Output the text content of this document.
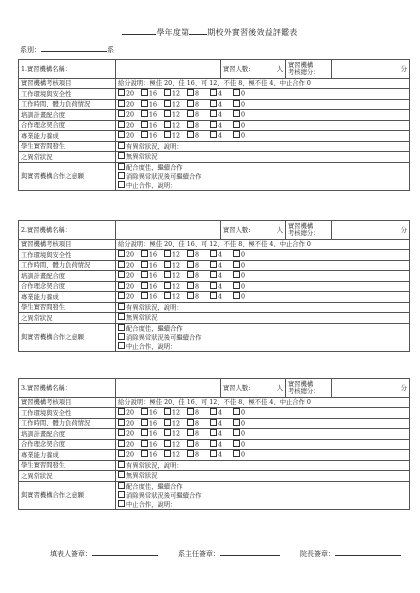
學年度第 期校外實習後效益評鑑表
系別：	系
1.實習機構名稱：		實習人數: 人	實習機構
考核總分：	分
實習機構考核項目	給分說明：極佳 20、佳 16、可 12、不佳 8、極不佳 4、中止合作 0			
工作環境與安全性	20 16 12 8 4 0			
工作時間、體力負荷情況	20 16 12 8 4 0			
培訓計畫配合度	20 16 12 8 4 0			
合作理念契合度	20 16 12 8 4 0			
專業能力養成	20 16 12 8 4 0			
學生實習間發生	有異常狀況，說明：			
之異常狀況	無異常狀況			
與實習機構合作之意願	配合度佳，繼續合作
消除異常狀況後可繼續合作
中止合作，說明：			
2.實習機構名稱：		實習人數: 人	實習機構
考核總分：	分
實習機構考核項目	給分說明：極佳 20、佳 16、可 12、不佳 8、極不佳 4、中止合作 0			
工作環境與安全性	20 16 12 8 4 0			
工作時間、體力負荷情況	20 16 12 8 4 0			
培訓計畫配合度	20 16 12 8 4 0			
合作理念契合度	20 16 12 8 4 0			
專業能力養成	20 16 12 8 4 0			
學生實習間發生	有異常狀況，說明：			
之異常狀況	無異常狀況			
與實習機構合作之意願	配合度佳，繼續合作
消除異常狀況後可繼續合作
中止合作，說明：			
3.實習機構名稱：		實習人數: 人	實習機構
考核總分：	分
實習機構考核項目	給分說明：極佳 20、佳 16、可 12、不佳 8、極不佳 4、中止合作 0			
工作環境與安全性	20 16 12 8 4 0			
工作時間、體力負荷情況	20 16 12 8 4 0			
培訓計畫配合度	20 16 12 8 4 0			
合作理念契合度	20 16 12 8 4 0			
專業能力養成	20 16 12 8 4 0			
學生實習間發生	有異常狀況，說明：			
之異常狀況	無異常狀況			
與實習機構合作之意願	配合度佳，繼續合作
消除異常狀況後可繼續合作
中止合作，說明：			
填表人簽章：	系主任簽章：	院長簽章：
